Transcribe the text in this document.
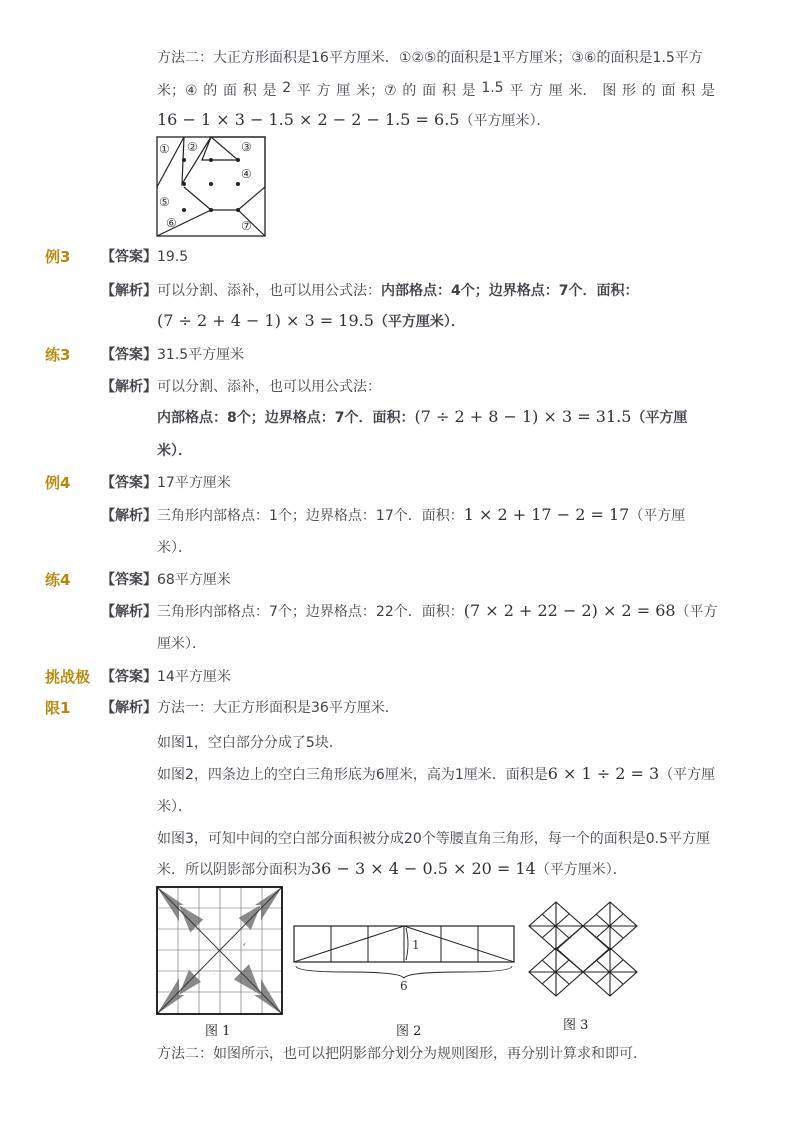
方法二：大正方形面积是16平方厘米．①②⑤的面积是1平方厘米；③⑥的面积是1.5平方
米；④ 的 面 积 是 2 平 方 厘 米；⑦ 的 面 积 是 1.5 平 方 厘 米． 图 形 的 面 积 是
16 − 1 × 3 − 1.5 × 2 − 2 − 1.5 = 6.5（平方厘米）．
① ②	③
④
⑤
⑥	⑦
例3 【答案】19.5
【解析】可以分割、添补，也可以用公式法：内部格点：4个；边界格点：7个．面积：
(7 ÷ 2 + 4 − 1) × 3 = 19.5（平方厘米）．
练3 【答案】31.5平方厘米
【解析】可以分割、添补，也可以用公式法：
内部格点：8个；边界格点：7个．面积：(7 ÷ 2 + 8 − 1) × 3 = 31.5（平方厘
米）．
例4 【答案】17平方厘米
【解析】三角形内部格点：1个；边界格点：17个．面积：1 × 2 + 17 − 2 = 17（平方厘
米）．
练4 【答案】68平方厘米
【解析】三角形内部格点：7个；边界格点：22个．面积：(7 × 2 + 22 − 2) × 2 = 68（平方
厘米）．
挑战极
限1
【答案】14平方厘米
【解析】方法一：大正方形面积是36平方厘米．
如图1，空白部分分成了5块．
如图2，四条边上的空白三角形底为6厘米，高为1厘米．面积是6 × 1 ÷ 2 = 3（平方厘
米）．
如图3，可知中间的空白部分面积被分成20个等腰直角三角形，每一个的面积是0.5平方厘
米．所以阴影部分面积为36 − 3 × 4 − 0.5 × 20 = 14（平方厘米）．
图 1
1
6
图 2	图 3
方法二：如图所示，也可以把阴影部分划分为规则图形，再分别计算求和即可．
